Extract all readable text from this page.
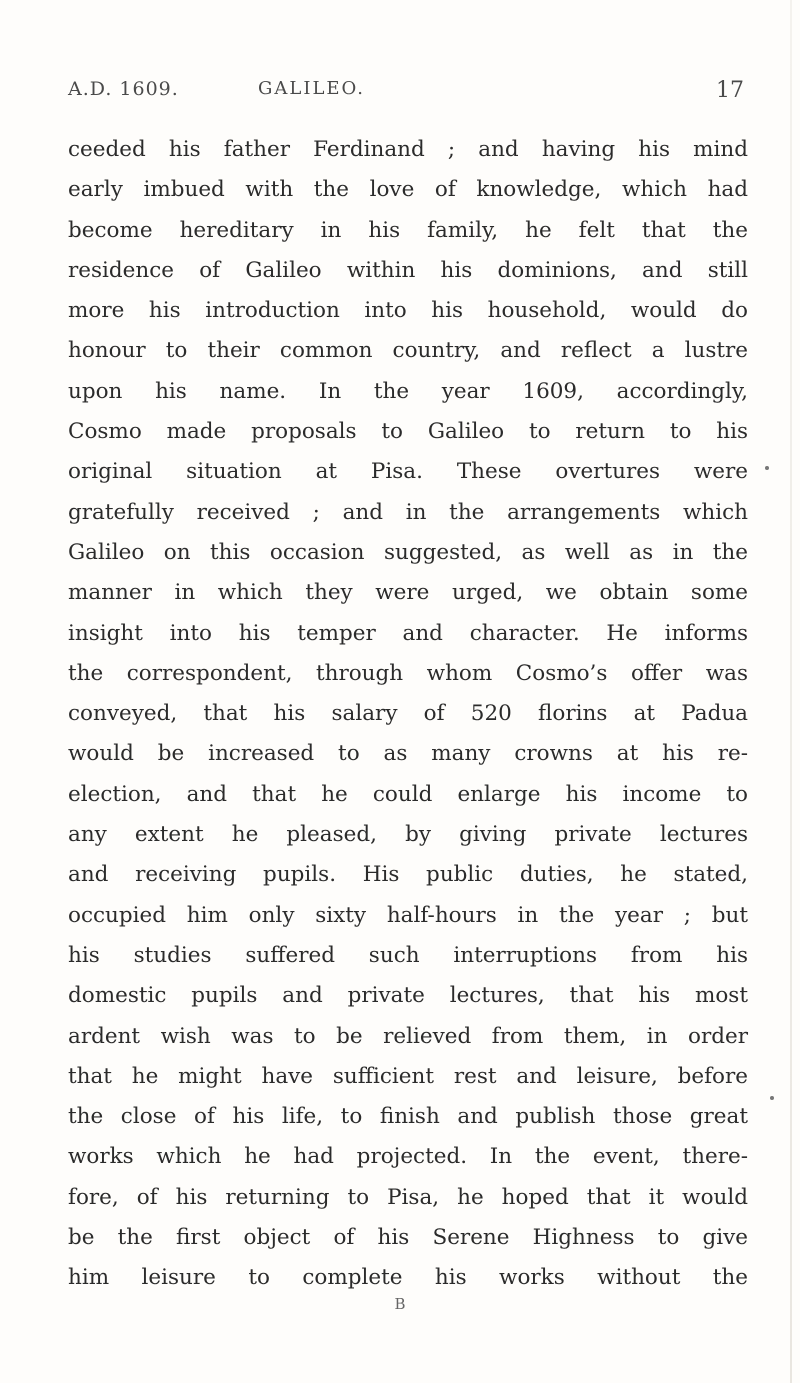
A.D. 1609.	GALILEO.	17
ceeded his father Ferdinand ; and having his mind
early imbued with the love of knowledge, which had
become hereditary in his family, he felt that the
residence of Galileo within his dominions, and still
more his introduction into his household, would do
honour to their common country, and reflect a lustre
upon his name. In the year 1609, accordingly,
Cosmo made proposals to Galileo to return to his
original situation at Pisa. These overtures were
gratefully received ; and in the arrangements which
Galileo on this occasion suggested, as well as in the
manner in which they were urged, we obtain some
insight into his temper and character. He informs
the correspondent, through whom Cosmo’s offer was
conveyed, that his salary of 520 florins at Padua
would be increased to as many crowns at his re-
election, and that he could enlarge his income to
any extent he pleased, by giving private lectures
and receiving pupils. His public duties, he stated,
occupied him only sixty half-hours in the year ; but
his studies suffered such interruptions from his
domestic pupils and private lectures, that his most
ardent wish was to be relieved from them, in order
that he might have sufficient rest and leisure, before
the close of his life, to finish and publish those great
works which he had projected. In the event, there-
fore, of his returning to Pisa, he hoped that it would
be the first object of his Serene Highness to give
him leisure to complete his works without the
B
